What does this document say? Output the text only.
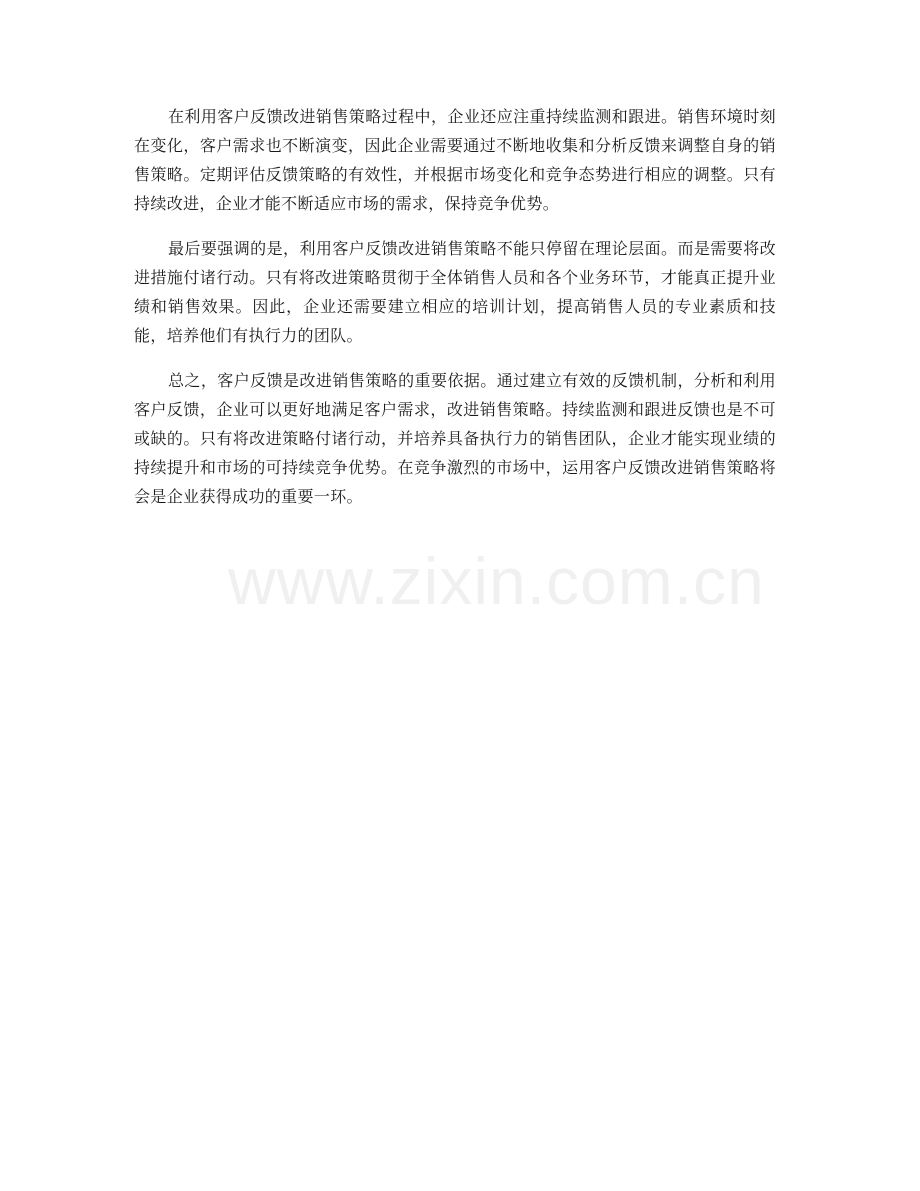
在利用客户反馈改进销售策略过程中，企业还应注重持续监测和跟进。销售环境时刻在变化，客户需求也不断演变，因此企业需要通过不断地收集和分析反馈来调整自身的销售策略。定期评估反馈策略的有效性，并根据市场变化和竞争态势进行相应的调整。只有持续改进，企业才能不断适应市场的需求，保持竞争优势。

最后要强调的是，利用客户反馈改进销售策略不能只停留在理论层面。而是需要将改进措施付诸行动。只有将改进策略贯彻于全体销售人员和各个业务环节，才能真正提升业绩和销售效果。因此，企业还需要建立相应的培训计划，提高销售人员的专业素质和技能，培养他们有执行力的团队。

总之，客户反馈是改进销售策略的重要依据。通过建立有效的反馈机制，分析和利用客户反馈，企业可以更好地满足客户需求，改进销售策略。持续监测和跟进反馈也是不可或缺的。只有将改进策略付诸行动，并培养具备执行力的销售团队，企业才能实现业绩的持续提升和市场的可持续竞争优势。在竞争激烈的市场中，运用客户反馈改进销售策略将会是企业获得成功的重要一环。

www.zixin.com.cn
